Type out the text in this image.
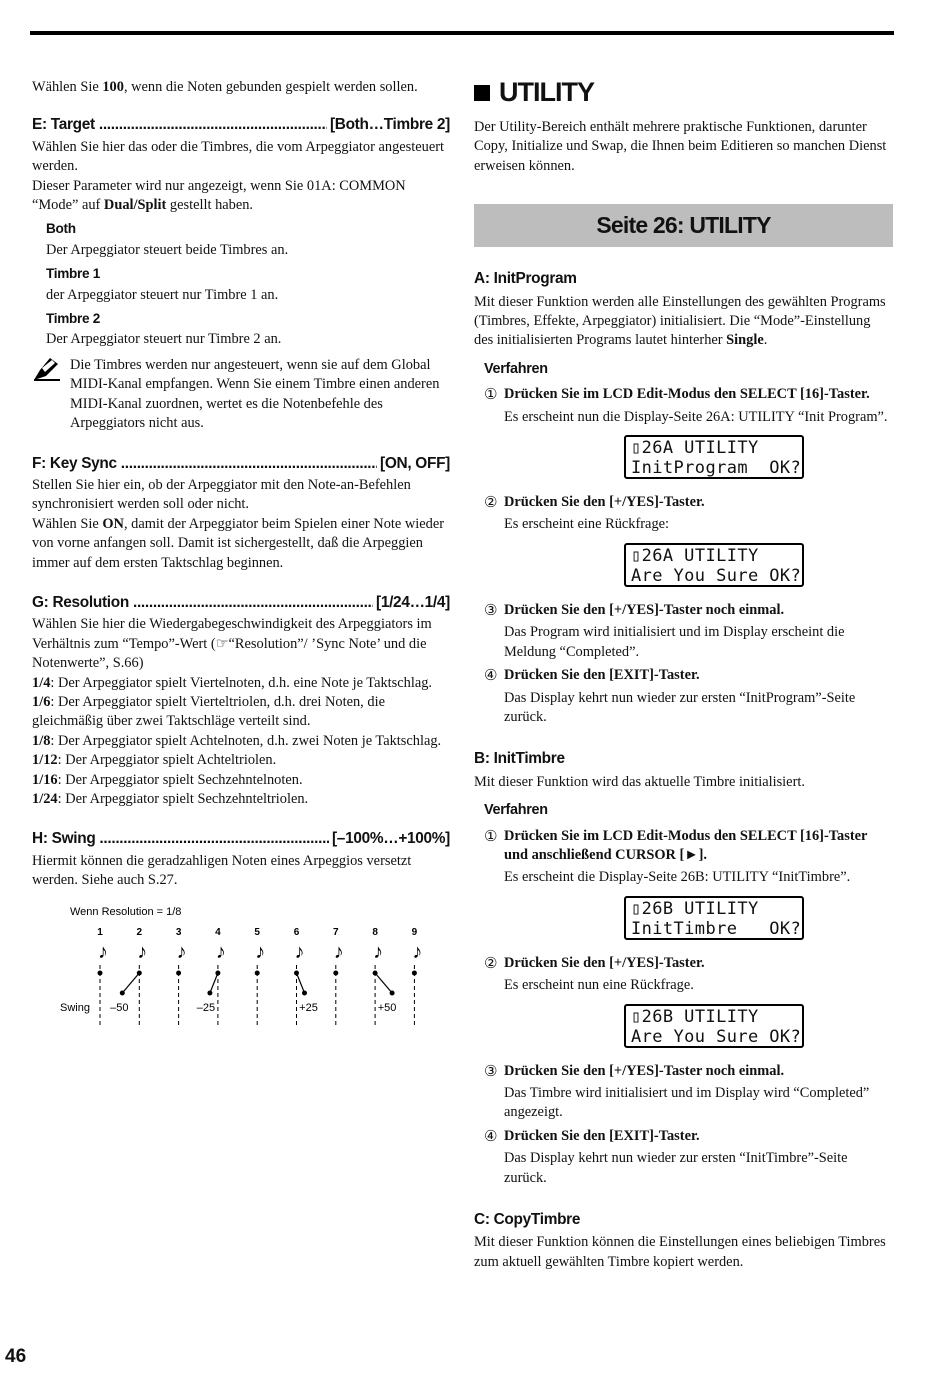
Wählen Sie 100, wenn die Noten gebunden gespielt werden sollen.

E: Target .....	[Both…Timbre 2]

Wählen Sie hier das oder die Timbres, die vom Arpeggiator angesteuert werden.

Dieser Parameter wird nur angezeigt, wenn Sie 01A: COMMON “Mode” auf Dual/Split gestellt haben.

Both
Der Arpeggiator steuert beide Timbres an.
Timbre 1
der Arpeggiator steuert nur Timbre 1 an.
Timbre 2
Der Arpeggiator steuert nur Timbre 2 an.
Die Timbres werden nur angesteuert, wenn sie auf dem Global MIDI-Kanal empfangen. Wenn Sie einem Timbre einen anderen MIDI-Kanal zuordnen, wertet es die Notenbefehle des Arpeggiators nicht aus.
F: Key Sync .....	[ON, OFF]

Stellen Sie hier ein, ob der Arpeggiator mit den Note-an-Befehlen synchronisiert werden soll oder nicht.

Wählen Sie ON, damit der Arpeggiator beim Spielen einer Note wieder von vorne anfangen soll. Damit ist sichergestellt, daß die Arpeggien immer auf dem ersten Taktschlag beginnen.

G: Resolution .....	[1/24…1/4]

Wählen Sie hier die Wiedergabegeschwindigkeit des Arpeggiators im Verhältnis zum “Tempo”-Wert (☞“Resolution”/ ’Sync Note’ und die Notenwerte”, S.66)

1/4: Der Arpeggiator spielt Viertelnoten, d.h. eine Note je Taktschlag.

1/6: Der Arpeggiator spielt Vierteltriolen, d.h. drei Noten, die gleichmäßig über zwei Taktschläge verteilt sind.

1/8: Der Arpeggiator spielt Achtelnoten, d.h. zwei Noten je Taktschlag.

1/12: Der Arpeggiator spielt Achteltriolen.

1/16: Der Arpeggiator spielt Sechzehntelnoten.

1/24: Der Arpeggiator spielt Sechzehnteltriolen.

H: Swing .....	[–100%…+100%]

Hiermit können die geradzahligen Noten eines Arpeggios versetzt werden. Siehe auch S.27.

Wenn Resolution = 1/8
1
♪
2
♪
3
♪
4
♪
5
♪
6
♪
7
♪
8
♪
9
♪
–50	–25	+25	+50
Swing
UTILITY

Der Utility-Bereich enthält mehrere praktische Funktionen, darunter Copy, Initialize und Swap, die Ihnen beim Editieren so manchen Dienst erweisen können.

Seite 26: UTILITY
A: InitProgram

Mit dieser Funktion werden alle Einstellungen des gewählten Programs (Timbres, Effekte, Arpeggiator) initialisiert. Die “Mode”-Einstellung des initialisierten Programs lautet hinterher Single.

Verfahren
① Drücken Sie im LCD Edit-Modus den SELECT [16]-Taster.
Es erscheint nun die Display-Seite 26A: UTILITY “Init Program”.
▯26A UTILITY
InitProgram  OK?
② Drücken Sie den [+/YES]-Taster.
Es erscheint eine Rückfrage:
▯26A UTILITY
Are You Sure OK?
③ Drücken Sie den [+/YES]-Taster noch einmal.
Das Program wird initialisiert und im Display erscheint die Meldung “Completed”.
④ Drücken Sie den [EXIT]-Taster.
Das Display kehrt nun wieder zur ersten “InitProgram”-Seite zurück.
B: InitTimbre

Mit dieser Funktion wird das aktuelle Timbre initialisiert.

Verfahren
① Drücken Sie im LCD Edit-Modus den SELECT [16]-Taster und anschließend CURSOR [►].
Es erscheint die Display-Seite 26B: UTILITY “InitTimbre”.
▯26B UTILITY
InitTimbre   OK?
② Drücken Sie den [+/YES]-Taster.
Es erscheint nun eine Rückfrage.
▯26B UTILITY
Are You Sure OK?
③ Drücken Sie den [+/YES]-Taster noch einmal.
Das Timbre wird initialisiert und im Display wird “Completed” angezeigt.
④ Drücken Sie den [EXIT]-Taster.
Das Display kehrt nun wieder zur ersten “InitTimbre”-Seite zurück.
C: CopyTimbre

Mit dieser Funktion können die Einstellungen eines beliebigen Timbres zum aktuell gewählten Timbre kopiert werden.

46
